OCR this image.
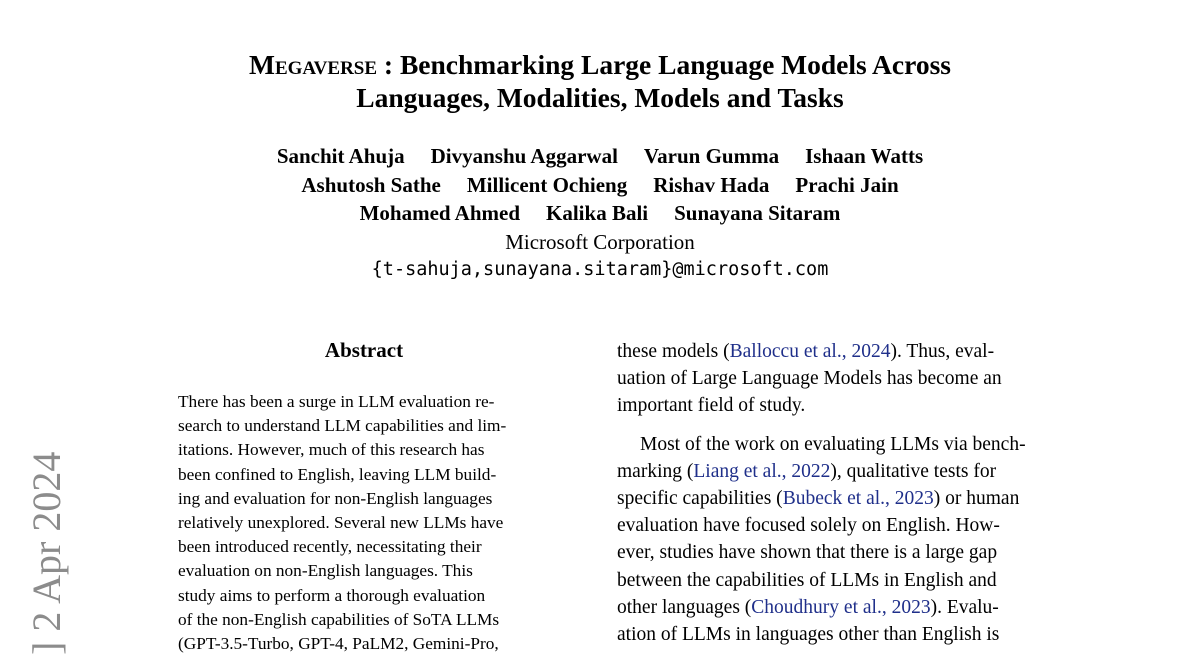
Megaverse : Benchmarking Large Language Models Across
Languages, Modalities, Models and Tasks
Sanchit Ahuja Divyanshu Aggarwal Varun Gumma Ishaan Watts
Ashutosh Sathe Millicent Ochieng Rishav Hada Prachi Jain
Mohamed Ahmed Kalika Bali Sunayana Sitaram
Microsoft Corporation
{t-sahuja,sunayana.sitaram}@microsoft.com
Abstract
There has been a surge in LLM evaluation re-
search to understand LLM capabilities and lim-
itations. However, much of this research has
been confined to English, leaving LLM build-
ing and evaluation for non-English languages
relatively unexplored. Several new LLMs have
been introduced recently, necessitating their
evaluation on non-English languages. This
study aims to perform a thorough evaluation
of the non-English capabilities of SoTA LLMs
(GPT-3.5-Turbo, GPT-4, PaLM2, Gemini-Pro,
these models (Balloccu et al., 2024). Thus, eval-
uation of Large Language Models has become an
important field of study.
Most of the work on evaluating LLMs via bench-
marking (Liang et al., 2022), qualitative tests for
specific capabilities (Bubeck et al., 2023) or human
evaluation have focused solely on English. How-
ever, studies have shown that there is a large gap
between the capabilities of LLMs in English and
other languages (Choudhury et al., 2023). Evalu-
ation of LLMs in languages other than English is
] 2 Apr 2024
